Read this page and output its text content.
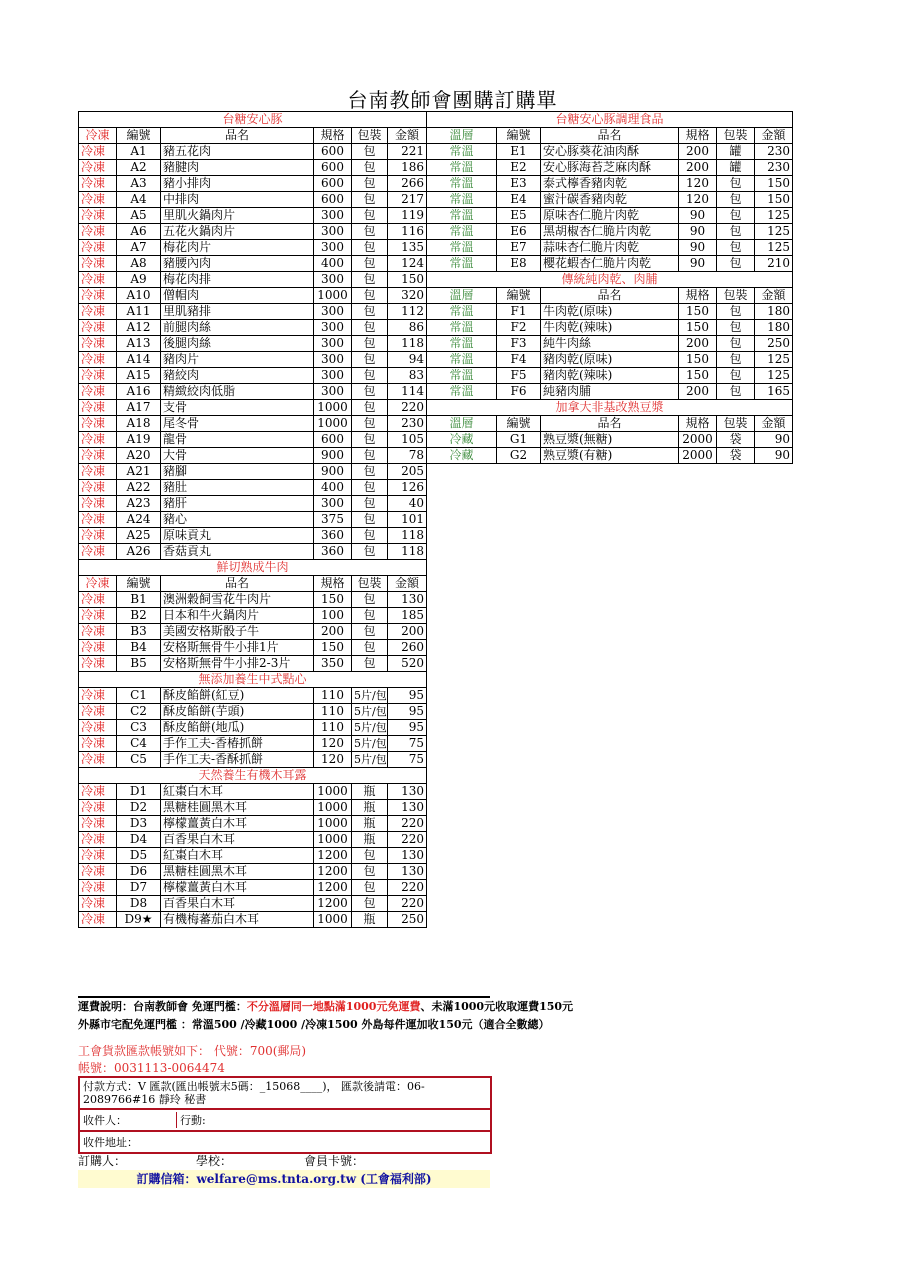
台南教師會團購訂購單
台糖安心豚					
冷凍	編號	品名	規格	包裝	金額
冷凍	A1	豬五花肉	600	包	221
冷凍	A2	豬腱肉	600	包	186
冷凍	A3	豬小排肉	600	包	266
冷凍	A4	中排肉	600	包	217
冷凍	A5	里肌火鍋肉片	300	包	119
冷凍	A6	五花火鍋肉片	300	包	116
冷凍	A7	梅花肉片	300	包	135
冷凍	A8	豬腰內肉	400	包	124
冷凍	A9	梅花肉排	300	包	150
冷凍	A10	僧帽肉	1000	包	320
冷凍	A11	里肌豬排	300	包	112
冷凍	A12	前腿肉絲	300	包	86
冷凍	A13	後腿肉絲	300	包	118
冷凍	A14	豬肉片	300	包	94
冷凍	A15	豬絞肉	300	包	83
冷凍	A16	精緻絞肉低脂	300	包	114
冷凍	A17	支骨	1000	包	220
冷凍	A18	尾冬骨	1000	包	230
冷凍	A19	龍骨	600	包	105
冷凍	A20	大骨	900	包	78
冷凍	A21	豬腳	900	包	205
冷凍	A22	豬肚	400	包	126
冷凍	A23	豬肝	300	包	40
冷凍	A24	豬心	375	包	101
冷凍	A25	原味貢丸	360	包	118
冷凍	A26	香菇貢丸	360	包	118
鮮切熟成牛肉					
冷凍	編號	品名	規格	包裝	金額
冷凍	B1	澳洲穀飼雪花牛肉片	150	包	130
冷凍	B2	日本和牛火鍋肉片	100	包	185
冷凍	B3	美國安格斯骰子牛	200	包	200
冷凍	B4	安格斯無骨牛小排1片	150	包	260
冷凍	B5	安格斯無骨牛小排2-3片	350	包	520
無添加養生中式點心					
冷凍	C1	酥皮餡餅(紅豆)	110	5片/包	95
冷凍	C2	酥皮餡餅(芋頭)	110	5片/包	95
冷凍	C3	酥皮餡餅(地瓜)	110	5片/包	95
冷凍	C4	手作工夫-香椿抓餅	120	5片/包	75
冷凍	C5	手作工夫-香酥抓餅	120	5片/包	75
天然養生有機木耳露					
冷凍	D1	紅棗白木耳	1000	瓶	130
冷凍	D2	黑糖桂圓黑木耳	1000	瓶	130
冷凍	D3	檸檬薑黃白木耳	1000	瓶	220
冷凍	D4	百香果白木耳	1000	瓶	220
冷凍	D5	紅棗白木耳	1200	包	130
冷凍	D6	黑糖桂圓黑木耳	1200	包	130
冷凍	D7	檸檬薑黃白木耳	1200	包	220
冷凍	D8	百香果白木耳	1200	包	220
冷凍	D9★	有機梅蕃茄白木耳	1000	瓶	250
台糖安心豚調理食品					
溫層	編號	品名	規格	包裝	金額
常溫	E1	安心豚葵花油肉酥	200	罐	230
常溫	E2	安心豚海苔芝麻肉酥	200	罐	230
常溫	E3	泰式檸香豬肉乾	120	包	150
常溫	E4	蜜汁碳香豬肉乾	120	包	150
常溫	E5	原味杏仁脆片肉乾	90	包	125
常溫	E6	黑胡椒杏仁脆片肉乾	90	包	125
常溫	E7	蒜味杏仁脆片肉乾	90	包	125
常溫	E8	櫻花蝦杏仁脆片肉乾	90	包	210
傳統純肉乾、肉脯					
溫層	編號	品名	規格	包裝	金額
常溫	F1	牛肉乾(原味)	150	包	180
常溫	F2	牛肉乾(辣味)	150	包	180
常溫	F3	純牛肉絲	200	包	250
常溫	F4	豬肉乾(原味)	150	包	125
常溫	F5	豬肉乾(辣味)	150	包	125
常溫	F6	純豬肉脯	200	包	165
加拿大非基改熟豆漿					
溫層	編號	品名	規格	包裝	金額
冷藏	G1	熟豆漿(無糖)	2000	袋	90
冷藏	G2	熟豆漿(有糖)	2000	袋	90
運費說明：台南教師會 免運門檻：不分溫層同一地點滿1000元免運費、未滿1000元收取運費150元
外縣市宅配免運門檻 ：常溫500 /冷藏1000 /冷凍1500 外島每件運加收150元（適合全數總）
工會貨款匯款帳號如下： 代號：700(郵局)
帳號：0031113-0064474
付款方式：V 匯款(匯出帳號末5碼：_15068____)， 匯款後請電：06-2089766#16 靜玲 秘書
收件人：	行動:
收件地址：
訂購人：	學校：	會員卡號：
訂購信箱：welfare@ms.tnta.org.tw (工會福利部)
